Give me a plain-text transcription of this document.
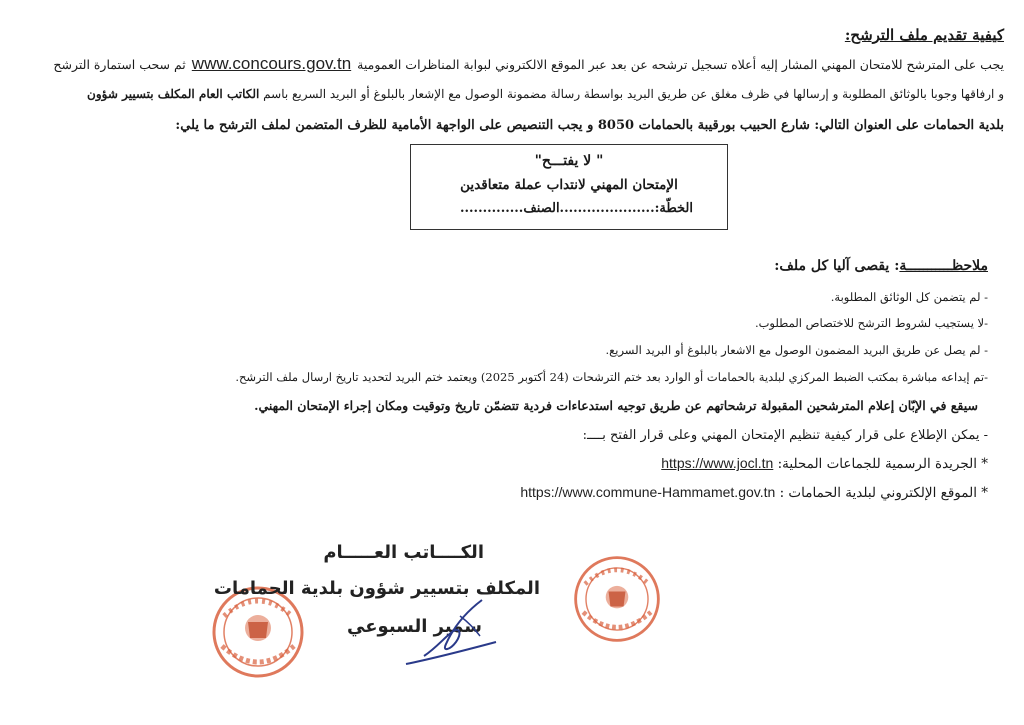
كيفية تقديم ملف الترشح:
يجب على المترشح للامتحان المهني المشار إليه أعلاه تسجيل ترشحه عن بعد عبر الموقع الالكتروني لبوابة المناظرات العموميةwww.concours.gov.tnثم سحب استمارة الترشح
و ارفاقها وجوبا بالوثائق المطلوبة و إرسالها في ظرف مغلق عن طريق البريد بواسطة رسالة مضمونة الوصول مع الإشعار بالبلوغ أو البريد السريع باسم الكاتب العام المكلف بتسيير شؤون
بلدية الحمامات على العنوان التالي: شارع الحبيب بورقيبة بالحمامات 8050 و يجب التنصيص على الواجهة الأمامية للظرف المتضمن لملف الترشح ما يلي:
" لا يفتـــح"
الإمتحان المهني لانتداب عملة متعاقدين
الخطّة:.....................الصنف..............
ملاحظـــــــــــة: يقصى آليا كل ملف:
- لم يتضمن كل الوثائق المطلوبة.
-لا يستجيب لشروط الترشح للاختصاص المطلوب.
- لم يصل عن طريق البريد المضمون الوصول مع الاشعار بالبلوغ أو البريد السريع.
-تم إيداعه مباشرة بمكتب الضبط المركزي لبلدية بالحمامات أو الوارد بعد ختم الترشحات (24 أكتوبر 2025) ويعتمد ختم البريد لتحديد تاريخ ارسال ملف الترشح.
سيقع في الإبّان إعلام المترشحين المقبولة ترشحاتهم عن طريق توجيه استدعاءات فردية تتضمّن تاريخ وتوقيت ومكان إجراء الإمتحان المهني.
- يمكن الإطلاع على قرار كيفية تنظيم الإمتحان المهني وعلى قرار الفتح بــــ:
* الجريدة الرسمية للجماعات المحلية: https://www.jocl.tn
* الموقع الإلكتروني لبلدية الحمامات : https://www.commune-Hammamet.gov.tn
الكــــاتب العـــــام
المكلف بتسيير شؤون بلدية الحمامات
سمير السبوعي
